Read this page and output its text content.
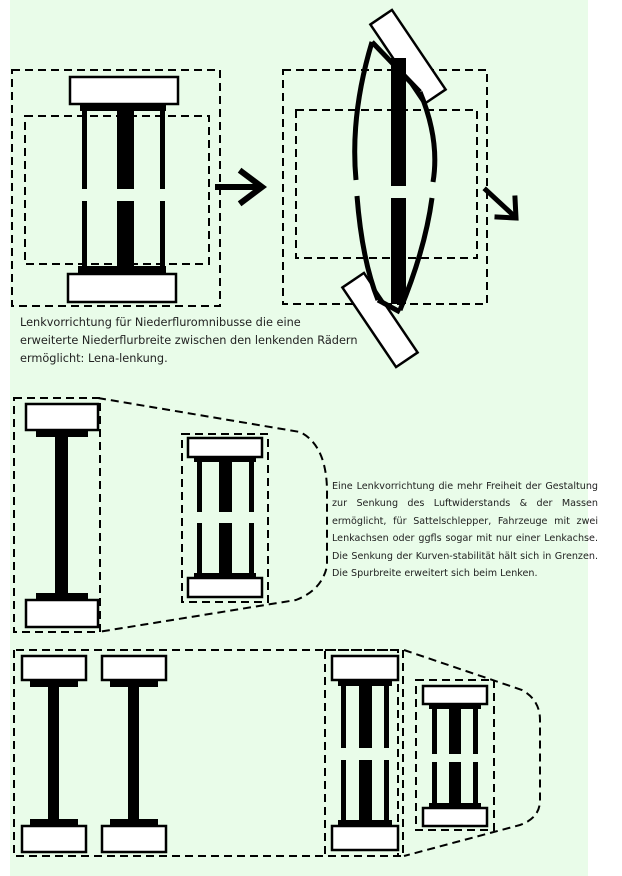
Lenkvorrichtung für Niederfluromnibusse die eine erweiterte Niederflurbreite zwischen den lenkenden Rädern ermöglicht: Lena-lenkung.

Eine Lenkvorrichtung die mehr Freiheit der Gestaltung zur Senkung des Luftwiderstands & der Massen ermöglicht, für Sattelschlepper, Fahrzeuge mit zwei Lenkachsen oder ggfls sogar mit nur einer Lenkachse. Die Senkung der Kurven-stabilität hält sich in Grenzen. Die Spurbreite erweitert sich beim Lenken.
